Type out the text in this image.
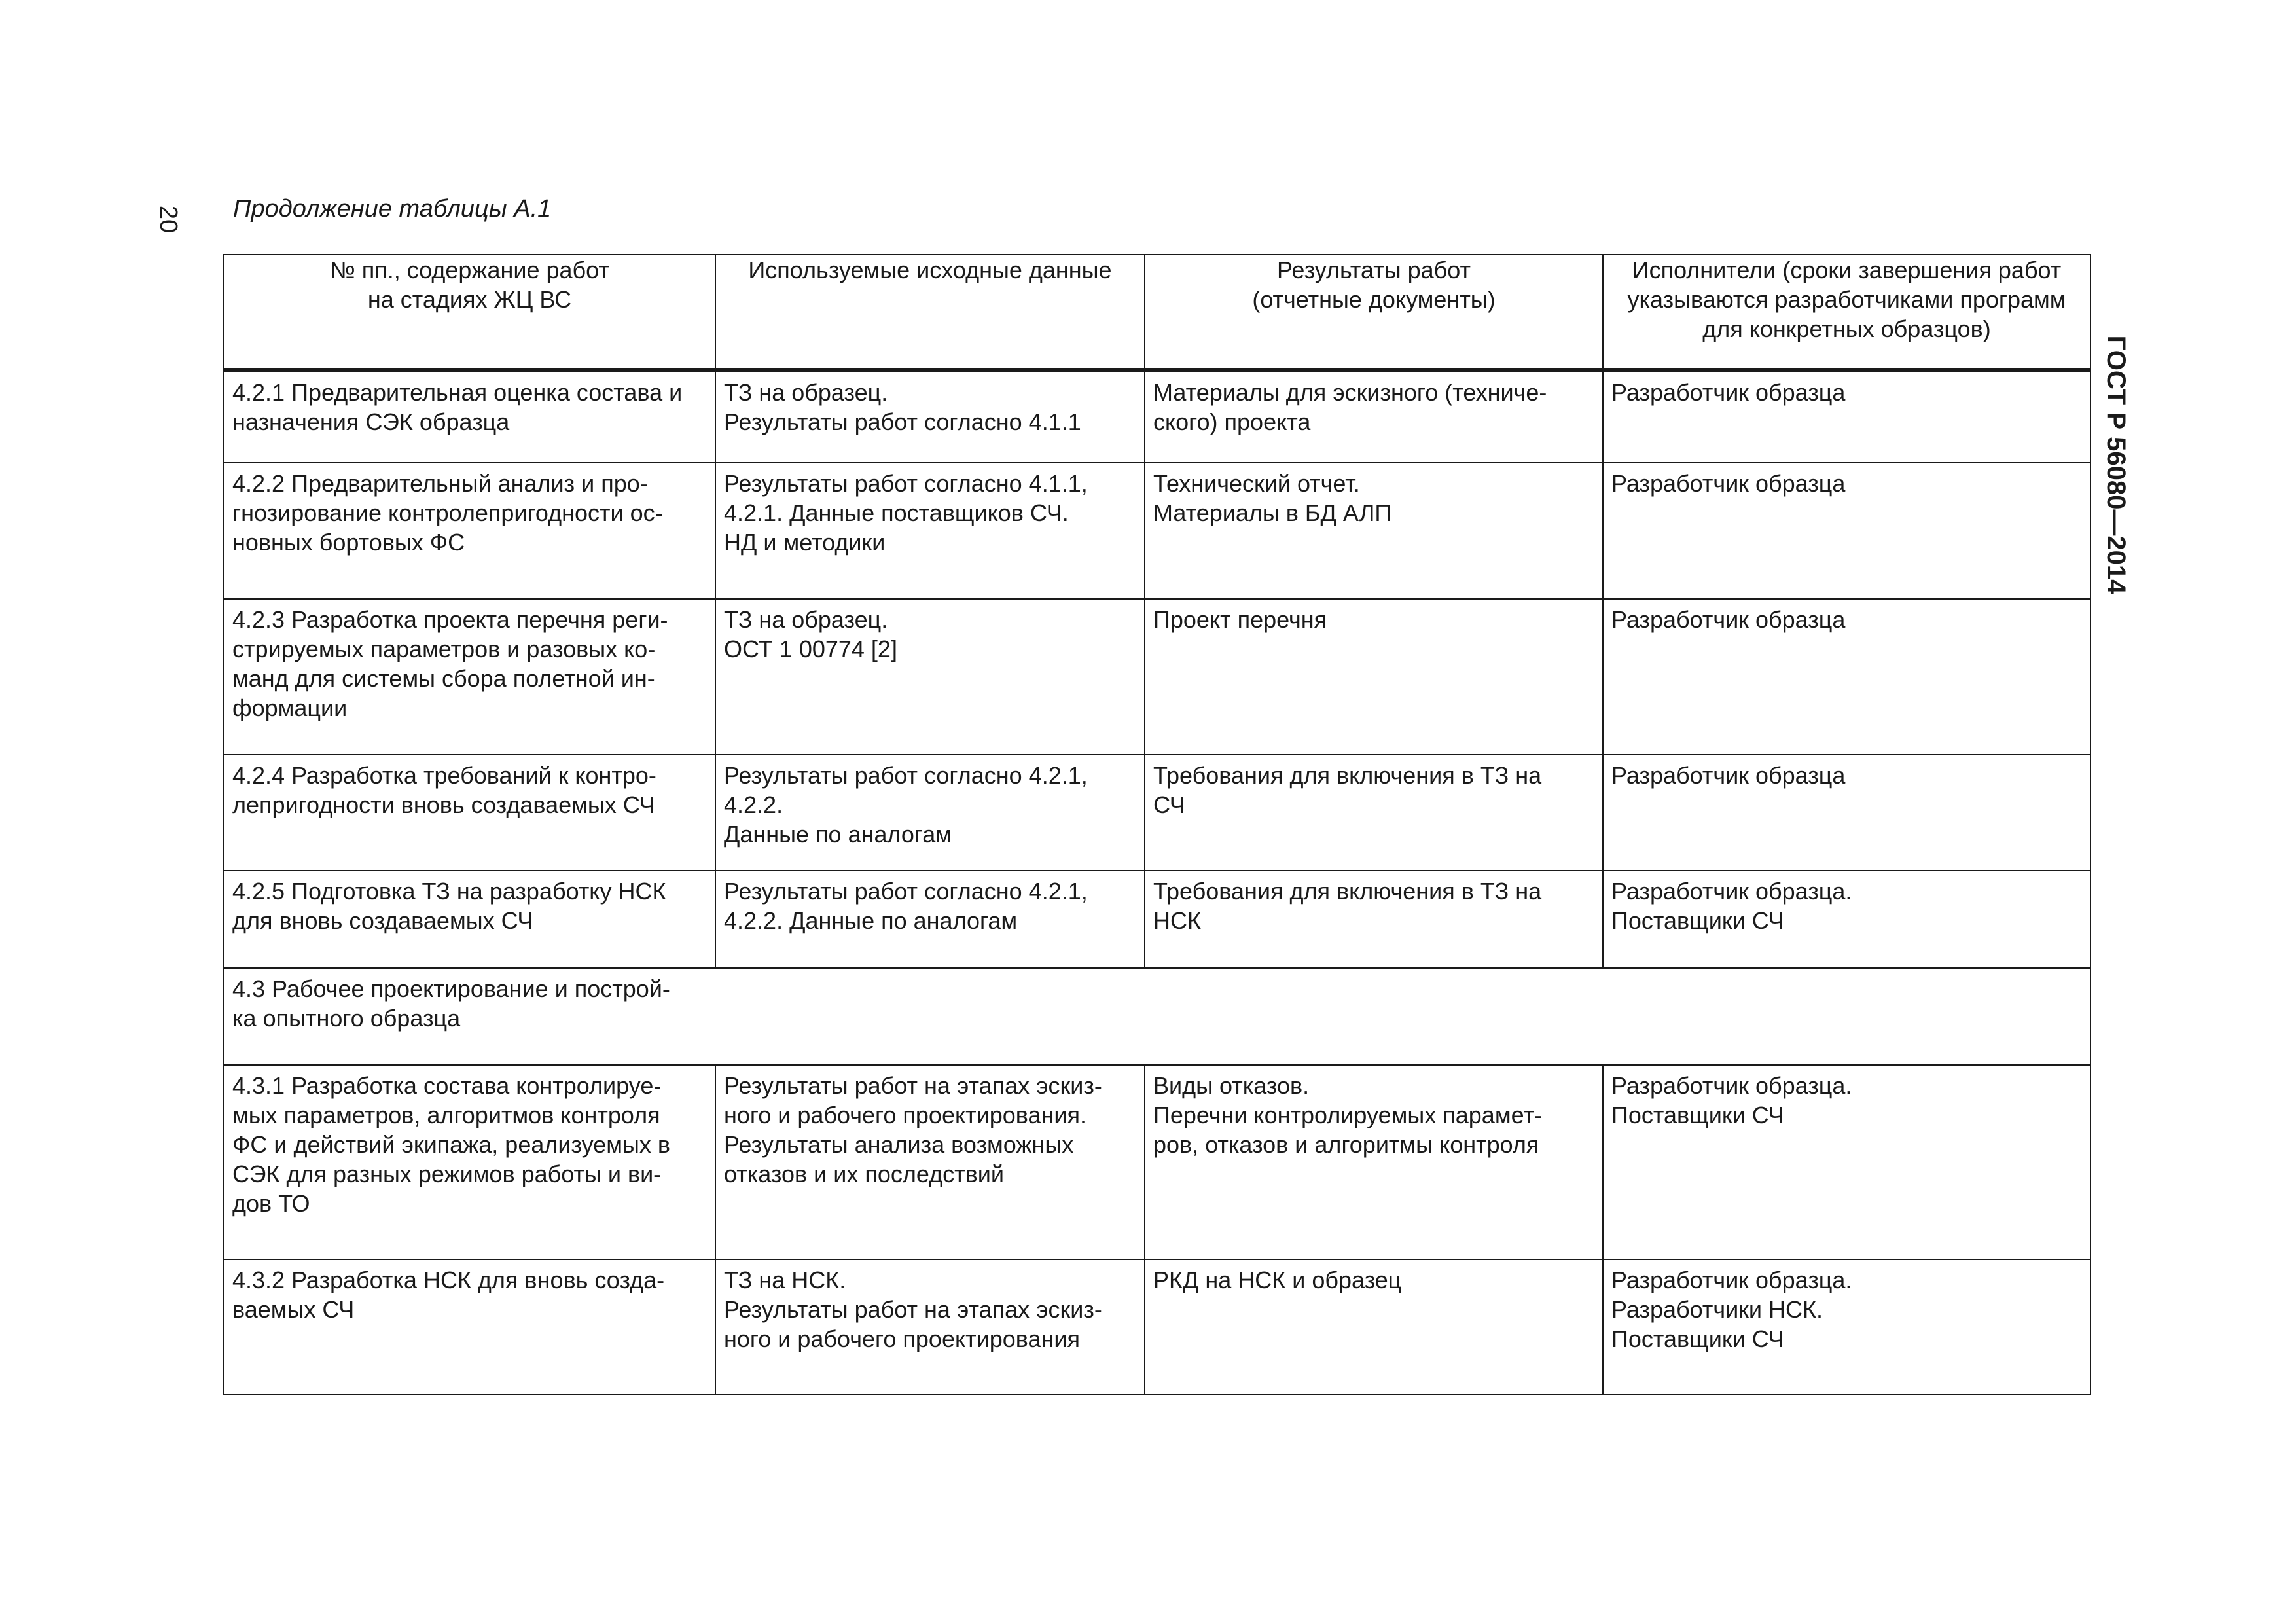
20	Продолжение таблицы А.1
ГОСТ Р 56080—2014
№ пп., содержание работ
на стадиях ЖЦ ВС	Используемые исходные данные	Результаты работ
(отчетные документы)	Исполнители (сроки завершения работ
указываются разработчиками программ
для конкретных образцов)

4.2.1 Предварительная оценка состава и
назначения СЭК образца	ТЗ на образец.
Результаты работ согласно 4.1.1	Материалы для эскизного (техниче-
ского) проекта	Разработчик образца

4.2.2 Предварительный анализ и про-
гнозирование контролепригодности ос-
новных бортовых ФС	Результаты работ согласно 4.1.1,
4.2.1. Данные поставщиков СЧ.
НД и методики	Технический отчет.
Материалы в БД АЛП	Разработчик образца

4.2.3 Разработка проекта перечня реги-
стрируемых параметров и разовых ко-
манд для системы сбора полетной ин-
формации	ТЗ на образец.
ОСТ 1 00774 [2]	Проект перечня	Разработчик образца

4.2.4 Разработка требований к контро-
лепригодности вновь создаваемых СЧ	Результаты работ согласно 4.2.1,
4.2.2.
Данные по аналогам	Требования для включения в ТЗ на
СЧ	Разработчик образца

4.2.5 Подготовка ТЗ на разработку НСК
для вновь создаваемых СЧ	Результаты работ согласно 4.2.1,
4.2.2. Данные по аналогам	Требования для включения в ТЗ на
НСК	Разработчик образца.
Поставщики СЧ

4.3 Рабочее проектирование и построй-
ка опытного образца			

4.3.1 Разработка состава контролируе-
мых параметров, алгоритмов контроля
ФС и действий экипажа, реализуемых в
СЭК для разных режимов работы и ви-
дов ТО	Результаты работ на этапах эскиз-
ного и рабочего проектирования.
Результаты анализа возможных
отказов и их последствий	Виды отказов.
Перечни контролируемых парамет-
ров, отказов и алгоритмы контроля	Разработчик образца.
Поставщики СЧ

4.3.2 Разработка НСК для вновь созда-
ваемых СЧ	ТЗ на НСК.
Результаты работ на этапах эскиз-
ного и рабочего проектирования	РКД на НСК и образец	Разработчик образца.
Разработчики НСК.
Поставщики СЧ
